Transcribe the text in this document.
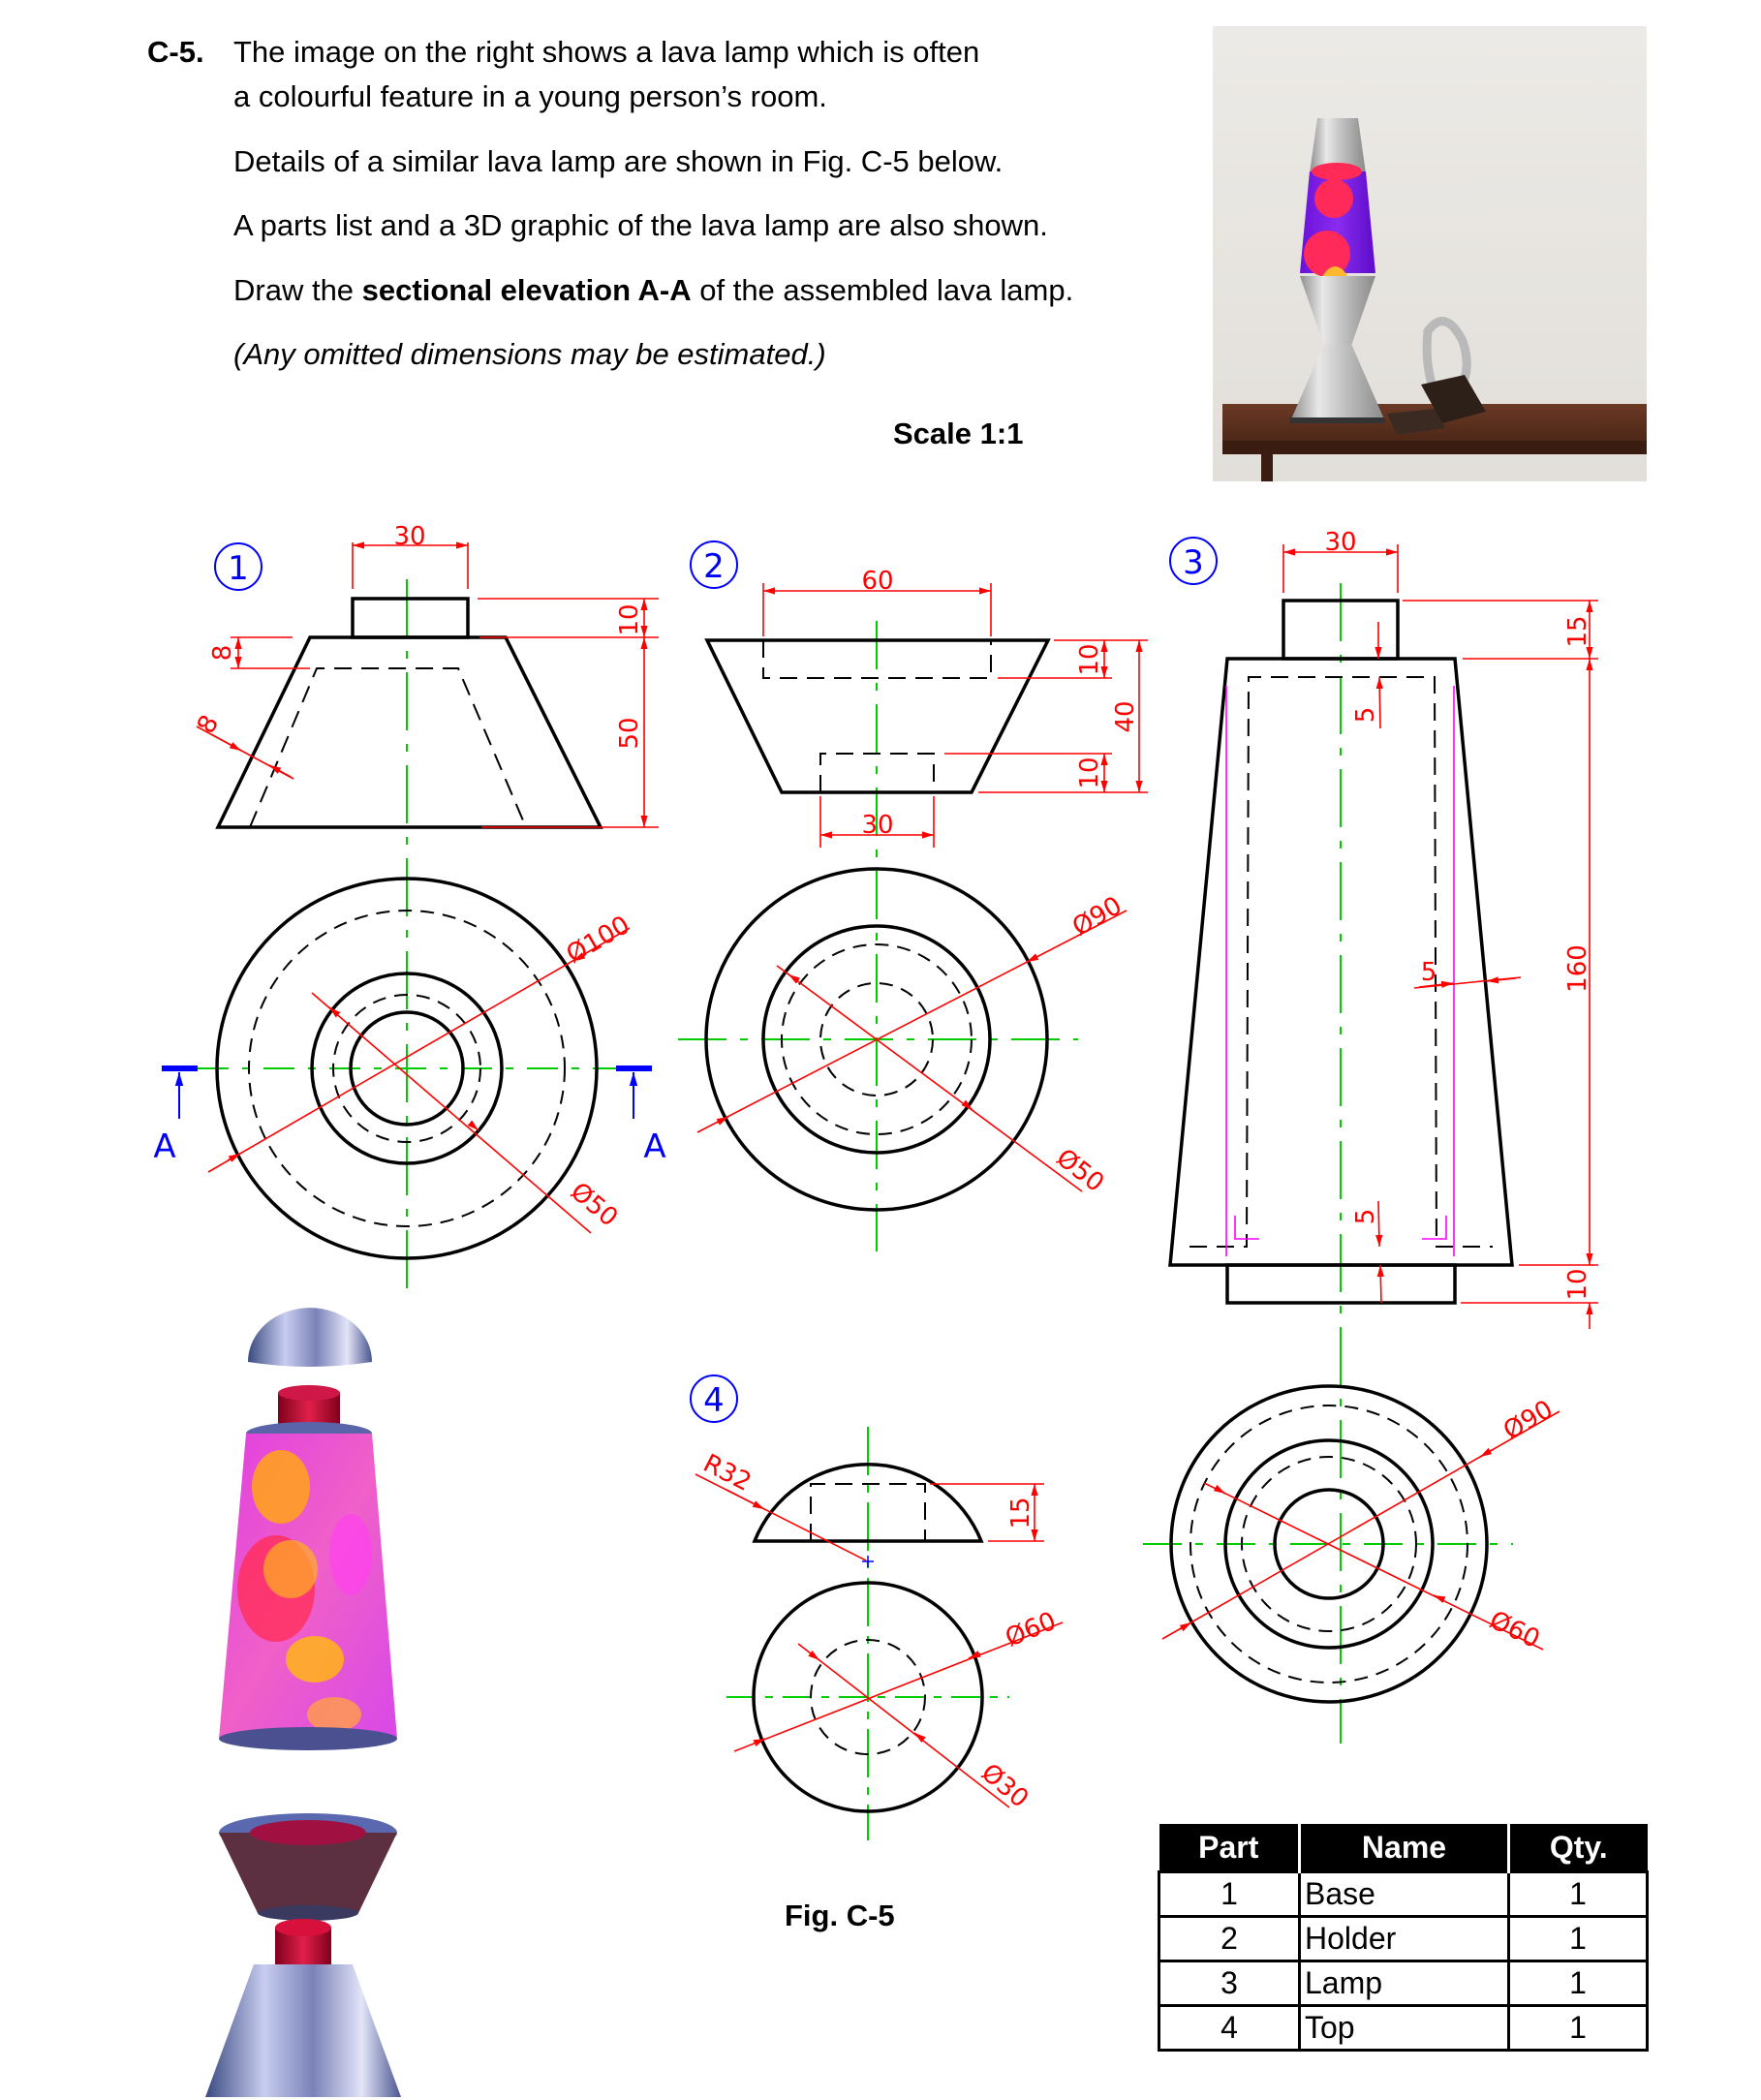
C-5. The image on the right shows a lava lamp which is often
a colourful feature in a young person’s room.
Details of a similar lava lamp are shown in Fig. C-5 below.
A parts list and a 3D graphic of the lava lamp are also shown.
Draw the sectional elevation A-A of the assembled lava lamp.
(Any omitted dimensions may be estimated.)
Scale 1:1
1
30
10
50
8
8
Ø100
Ø50
A	A
2	60
30
10
10
40
Ø90
Ø50
3
30
15
160
10
5
5
5
Ø90
Ø60
4
R32
15
Ø60
Ø30
Fig. C-5
Part	Name	Qty.
1	Base	1
2	Holder	1
3	Lamp	1
4	Top	1
